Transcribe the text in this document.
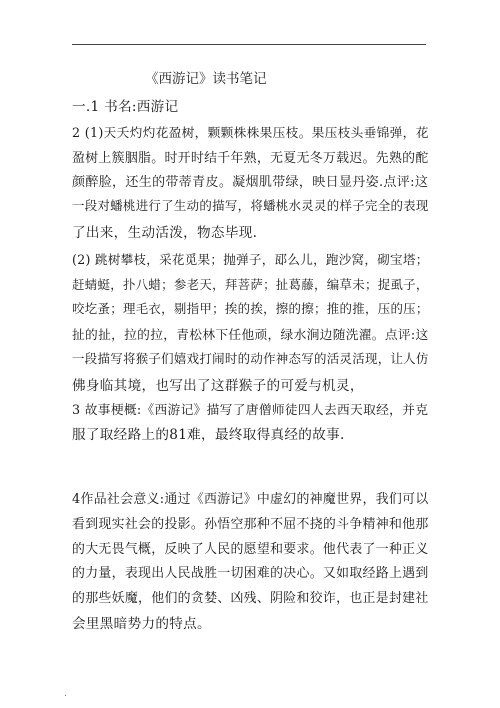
《西游记》读书笔记
一.1 书名:西游记
2 (1)天夭灼灼花盈树，颗颗株株果压枝。果压枝头垂锦弹，花
盈树上簇胭脂。时开时结千年熟，无夏无冬万载迟。先熟的酡
颜醉脸，还生的带蒂青皮。凝烟肌带绿，映日显丹姿.点评:这
一段对蟠桃进行了生动的描写，将蟠桃水灵灵的样子完全的表现
了出来，生动活泼，物态毕现.
(2) 跳树攀枝，采花觅果；抛弹子，邷么儿，跑沙窝，砌宝塔；
赶蜻蜓，扑八蜡；参老天，拜菩萨；扯葛藤，编草未；捉虱子，
咬圪蚤；理毛衣，剔指甲；挨的挨，擦的擦；推的推，压的压；
扯的扯，拉的拉，青松林下任他顽，绿水涧边随洗濯。点评:这
一段描写将猴子们嬉戏打闹时的动作神态写的活灵活现，让人仿
佛身临其境，也写出了这群猴子的可爱与机灵，
3 故事梗概:《西游记》描写了唐僧师徒四人去西天取经，并克
服了取经路上的81难，最终取得真经的故事.
4作品社会意义:通过《西游记》中虚幻的神魔世界，我们可以
看到现实社会的投影。孙悟空那种不屈不挠的斗争精神和他那
的大无畏气概，反映了人民的愿望和要求。他代表了一种正义
的力量，表现出人民战胜一切困难的决心。又如取经路上遇到
的那些妖魔，他们的贪婪、凶残、阴险和狡诈，也正是封建社
会里黑暗势力的特点。
.
